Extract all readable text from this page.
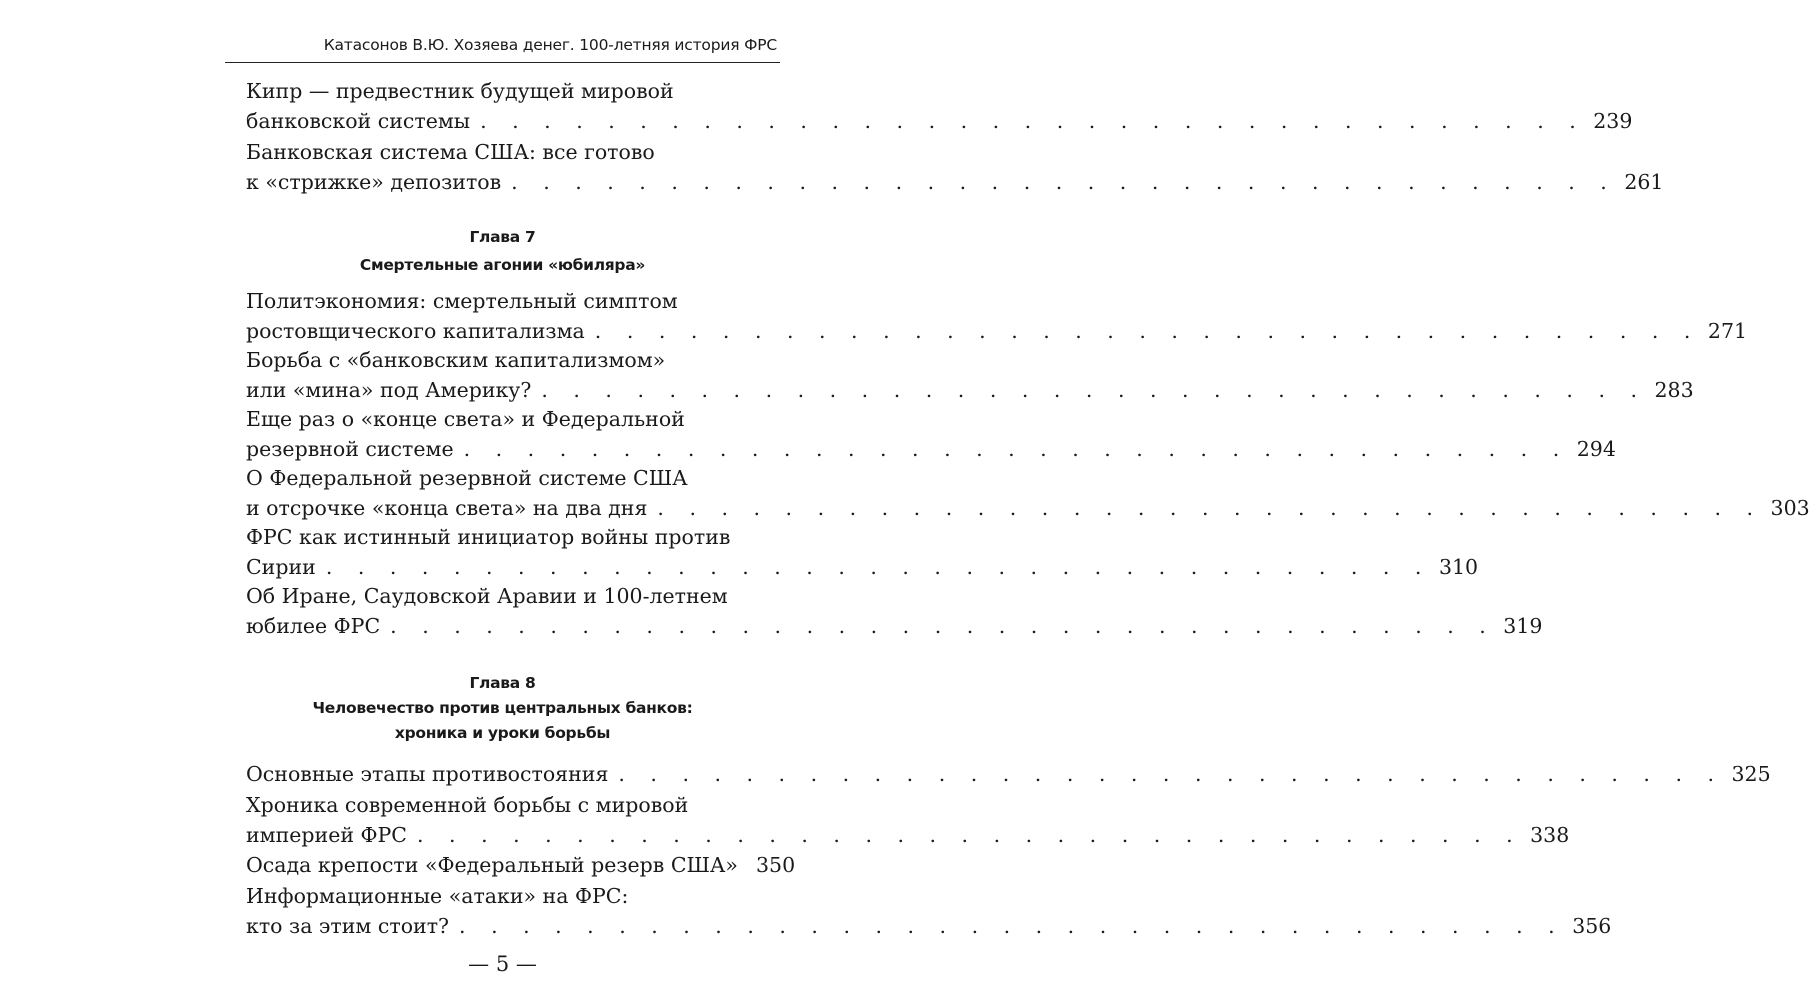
Катасонов В.Ю. Хозяева денег. 100-летняя история ФРС
Кипр — предвестник будущей мировой
банковской системы . . . . . . . . . . . . . . . . . . . . . . . . . . . . . . . . . . . 239
Банковская система США: все готово
к «стрижке» депозитов . . . . . . . . . . . . . . . . . . . . . . . . . . . . . . . . . . . 261
Глава 7
Смертельные агонии «юбиляра»
Политэкономия: смертельный симптом
ростовщического капитализма . . . . . . . . . . . . . . . . . . . . . . . . . . . . . . . . . . . 271
Борьба с «банковским капитализмом»
или «мина» под Америку? . . . . . . . . . . . . . . . . . . . . . . . . . . . . . . . . . . . 283
Еще раз о «конце света» и Федеральной
резервной системе . . . . . . . . . . . . . . . . . . . . . . . . . . . . . . . . . . . 294
О Федеральной резервной системе США
и отсрочке «конца света» на два дня . . . . . . . . . . . . . . . . . . . . . . . . . . . . . . . . . . . 303
ФРС как истинный инициатор войны против
Сирии . . . . . . . . . . . . . . . . . . . . . . . . . . . . . . . . . . . 310
Об Иране, Саудовской Аравии и 100-летнем
юбилее ФРС . . . . . . . . . . . . . . . . . . . . . . . . . . . . . . . . . . . 319
Глава 8
Человечество против центральных банков:
хроника и уроки борьбы
Основные этапы противостояния . . . . . . . . . . . . . . . . . . . . . . . . . . . . . . . . . . . 325
Хроника современной борьбы с мировой
империей ФРС . . . . . . . . . . . . . . . . . . . . . . . . . . . . . . . . . . . 338
Осада крепости «Федеральный резерв США» 350
Информационные «атаки» на ФРС:
кто за этим стоит? . . . . . . . . . . . . . . . . . . . . . . . . . . . . . . . . . . . 356
— 5 —
